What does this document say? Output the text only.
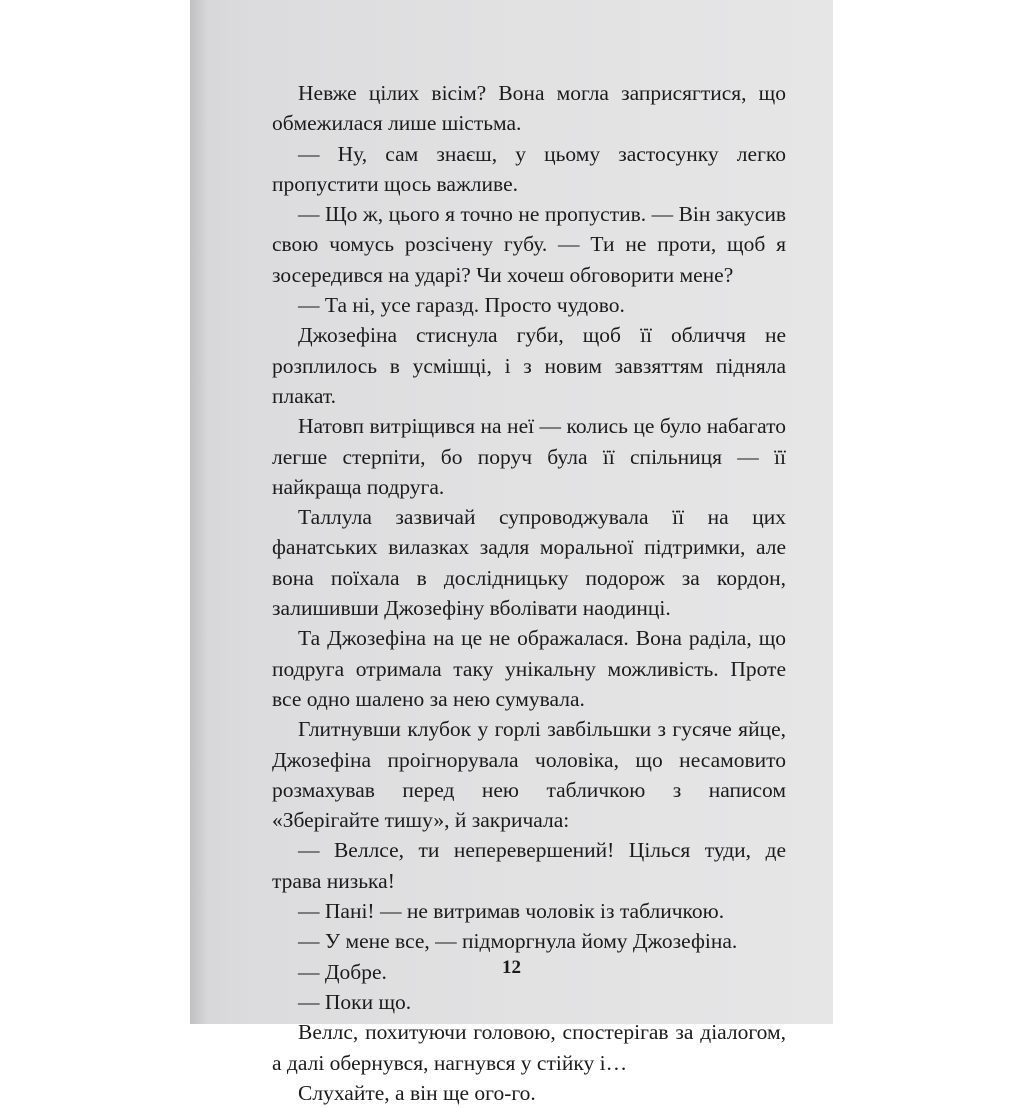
Невже цілих вісім? Вона могла заприсягтися, що обмежилася лише шістьма.

— Ну, сам знаєш, у цьому застосунку легко пропустити щось важливе.

— Що ж, цього я точно не пропустив. — Він закусив свою чомусь розсічену губу. — Ти не проти, щоб я зосередився на ударі? Чи хочеш обговорити мене?

— Та ні, усе гаразд. Просто чудово.

Джозефіна стиснула губи, щоб її обличчя не розплилось в усмішці, і з новим завзяттям підняла плакат.

Натовп витріщився на неї — колись це було набагато легше стерпіти, бо поруч була її спільниця — її найкраща подруга.

Таллула зазвичай супроводжувала її на цих фанатських вилазках задля моральної підтримки, але вона поїхала в дослідницьку подорож за кордон, залишивши Джозефіну вболівати наодинці.

Та Джозефіна на це не ображалася. Вона раділа, що подруга отримала таку унікальну можливість. Проте все одно шалено за нею сумувала.

Глитнувши клубок у горлі завбільшки з гусяче яйце, Джозефіна проігнорувала чоловіка, що несамовито розмахував перед нею табличкою з написом «Зберігайте тишу», й закричала:

— Веллсе, ти неперевершений! Цілься туди, де трава низька!

— Пані! — не витримав чоловік із табличкою.

— У мене все, — підморгнула йому Джозефіна.

— Добре.

— Поки що.

Веллс, похитуючи головою, спостерігав за діалогом, а далі обернувся, нагнувся у стійку і…

Слухайте, а він ще ого-го.

12
